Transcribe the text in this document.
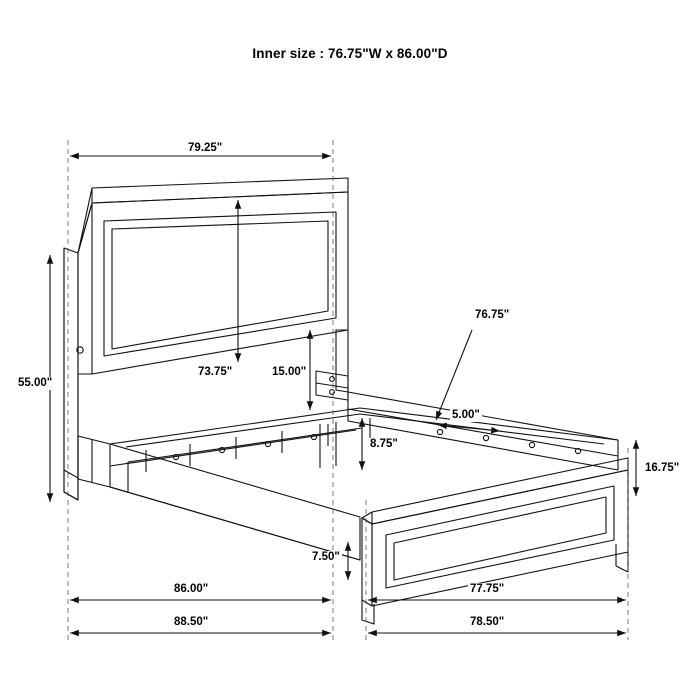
Inner size : 76.75"W x 86.00"D
79.25"
55.00"
73.75"	15.00"
76.75"
5.00"
8.75"
16.75"
7.50"
86.00"	77.75"
88.50"	78.50"
